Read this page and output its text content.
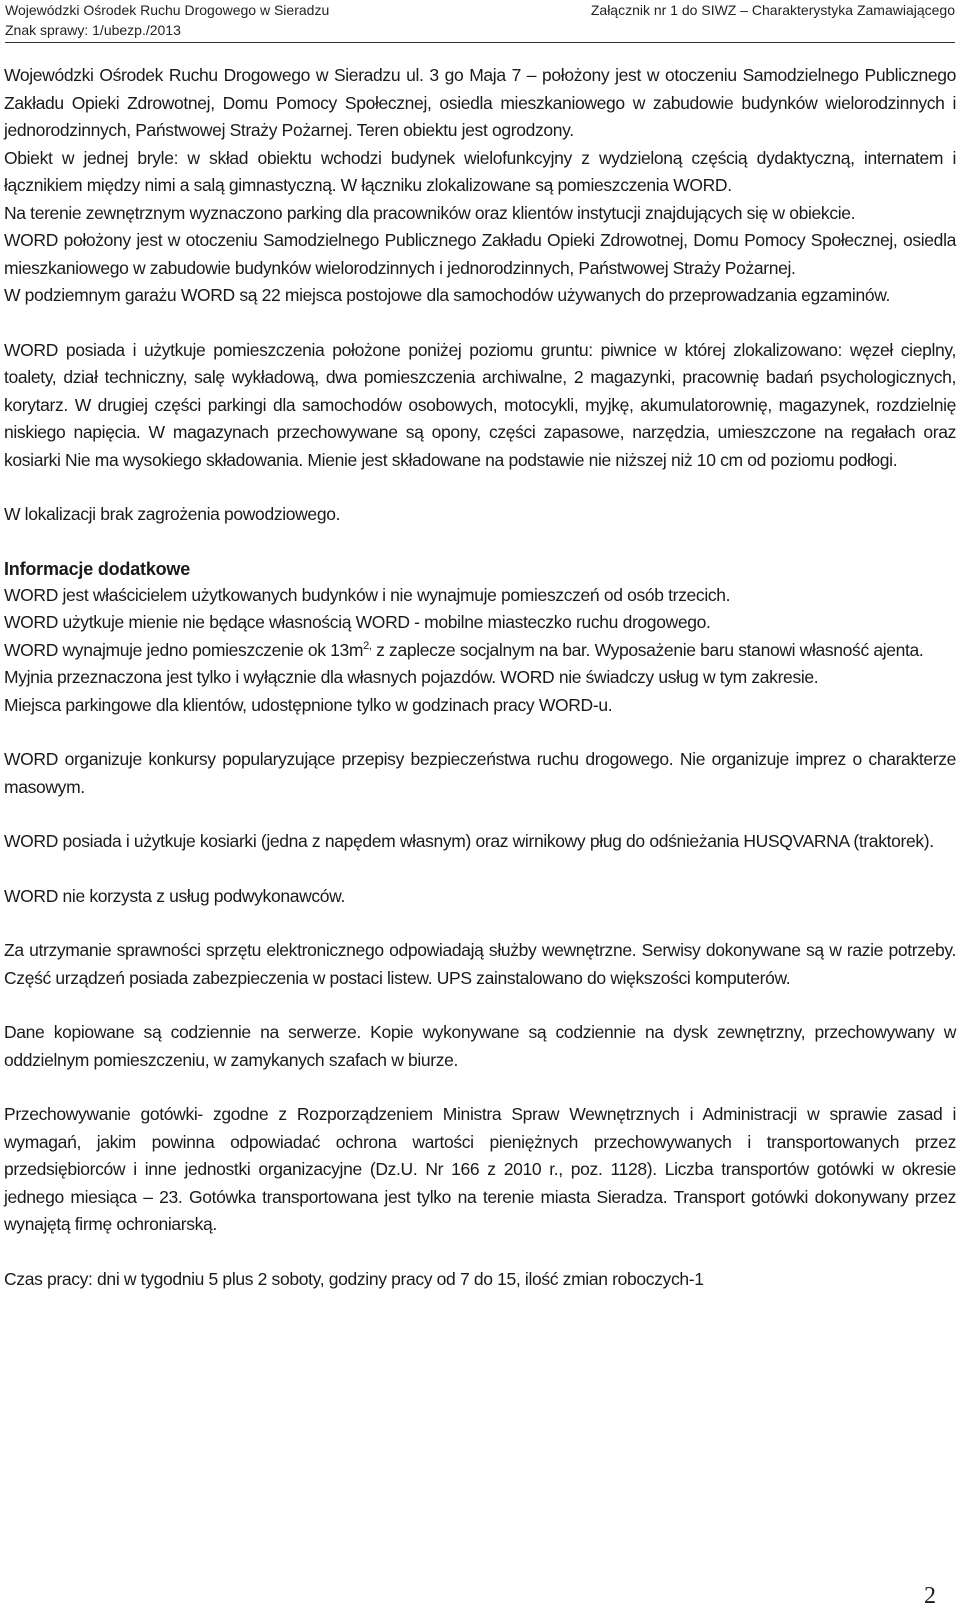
Wojewódzki Ośrodek Ruchu Drogowego w Sieradzu	Załącznik nr 1 do SIWZ – Charakterystyka Zamawiającego
Znak sprawy: 1/ubezp./2013

Wojewódzki Ośrodek Ruchu Drogowego w Sieradzu ul. 3 go Maja 7 – położony jest w otoczeniu Samodzielnego Publicznego Zakładu Opieki Zdrowotnej, Domu Pomocy Społecznej, osiedla mieszkaniowego w zabudowie budynków wielorodzinnych i jednorodzinnych, Państwowej Straży Pożarnej. Teren obiektu jest ogrodzony.

Obiekt w jednej bryle: w skład obiektu wchodzi budynek wielofunkcyjny z wydzieloną częścią dydaktyczną, internatem i łącznikiem między nimi a salą gimnastyczną. W łączniku zlokalizowane są pomieszczenia WORD.

Na terenie zewnętrznym wyznaczono parking dla pracowników oraz klientów instytucji znajdujących się w obiekcie.

WORD położony jest w otoczeniu Samodzielnego Publicznego Zakładu Opieki Zdrowotnej, Domu Pomocy Społecznej, osiedla mieszkaniowego w zabudowie budynków wielorodzinnych i jednorodzinnych, Państwowej Straży Pożarnej.

W podziemnym garażu WORD są 22 miejsca postojowe dla samochodów używanych do przeprowadzania egzaminów.

WORD posiada i użytkuje pomieszczenia położone poniżej poziomu gruntu: piwnice w której zlokalizowano: węzeł cieplny, toalety, dział techniczny, salę wykładową, dwa pomieszczenia archiwalne, 2 magazynki, pracownię badań psychologicznych, korytarz. W drugiej części parkingi dla samochodów osobowych, motocykli, myjkę, akumulatorownię, magazynek, rozdzielnię niskiego napięcia. W magazynach przechowywane są opony, części zapasowe, narzędzia, umieszczone na regałach oraz kosiarki Nie ma wysokiego składowania. Mienie jest składowane na podstawie nie niższej niż 10 cm od poziomu podłogi.

W lokalizacji brak zagrożenia powodziowego.

Informacje dodatkowe

WORD jest właścicielem użytkowanych budynków i nie wynajmuje pomieszczeń od osób trzecich.

WORD użytkuje mienie nie będące własnością WORD - mobilne miasteczko ruchu drogowego.

WORD wynajmuje jedno pomieszczenie ok $13m^{2,}$ z zaplecze socjalnym na bar. Wyposażenie baru stanowi własność ajenta.

Myjnia przeznaczona jest tylko i wyłącznie dla własnych pojazdów. WORD nie świadczy usług w tym zakresie.

Miejsca parkingowe dla klientów, udostępnione tylko w godzinach pracy WORD-u.

WORD organizuje konkursy popularyzujące przepisy bezpieczeństwa ruchu drogowego. Nie organizuje imprez o charakterze masowym.

WORD posiada i użytkuje kosiarki (jedna z napędem własnym) oraz wirnikowy pług do odśnieżania HUSQVARNA (traktorek).

WORD nie korzysta z usług podwykonawców.

Za utrzymanie sprawności sprzętu elektronicznego odpowiadają służby wewnętrzne. Serwisy dokonywane są w razie potrzeby. Część urządzeń posiada zabezpieczenia w postaci listew. UPS zainstalowano do większości komputerów.

Dane kopiowane są codziennie na serwerze. Kopie wykonywane są codziennie na dysk zewnętrzny, przechowywany w oddzielnym pomieszczeniu, w zamykanych szafach w biurze.

Przechowywanie gotówki- zgodne z Rozporządzeniem Ministra Spraw Wewnętrznych i Administracji w sprawie zasad i wymagań, jakim powinna odpowiadać ochrona wartości pieniężnych przechowywanych i transportowanych przez przedsiębiorców i inne jednostki organizacyjne (Dz.U. Nr 166 z 2010 r., poz. 1128). Liczba transportów gotówki w okresie jednego miesiąca – 23. Gotówka transportowana jest tylko na terenie miasta Sieradza. Transport gotówki dokonywany przez wynajętą firmę ochroniarską.

Czas pracy: dni w tygodniu 5 plus 2 soboty, godziny pracy od 7 do 15, ilość zmian roboczych-1

2
